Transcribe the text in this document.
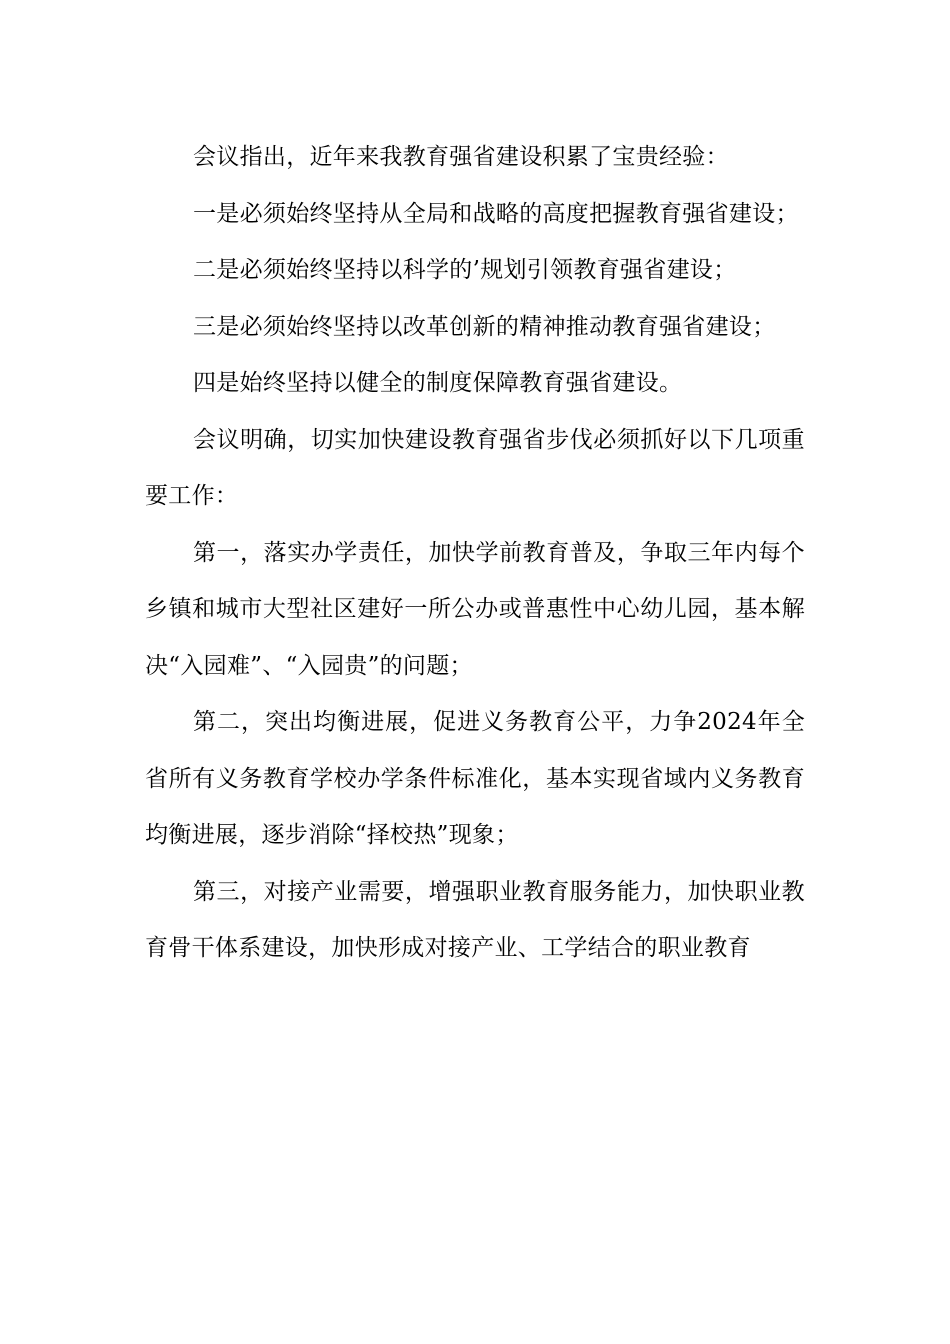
会议指出，近年来我教育强省建设积累了宝贵经验：

一是必须始终坚持从全局和战略的高度把握教育强省建设；

二是必须始终坚持以科学的’规划引领教育强省建设；

三是必须始终坚持以改革创新的精神推动教育强省建设；

四是始终坚持以健全的制度保障教育强省建设。

会议明确，切实加快建设教育强省步伐必须抓好以下几项重要工作：

第一，落实办学责任，加快学前教育普及，争取三年内每个乡镇和城市大型社区建好一所公办或普惠性中心幼儿园，基本解决“入园难”、“入园贵”的问题；

第二，突出均衡进展，促进义务教育公平，力争2024年全省所有义务教育学校办学条件标准化，基本实现省域内义务教育均衡进展，逐步消除“择校热”现象；

第三，对接产业需要，增强职业教育服务能力，加快职业教育骨干体系建设，加快形成对接产业、工学结合的职业教育
